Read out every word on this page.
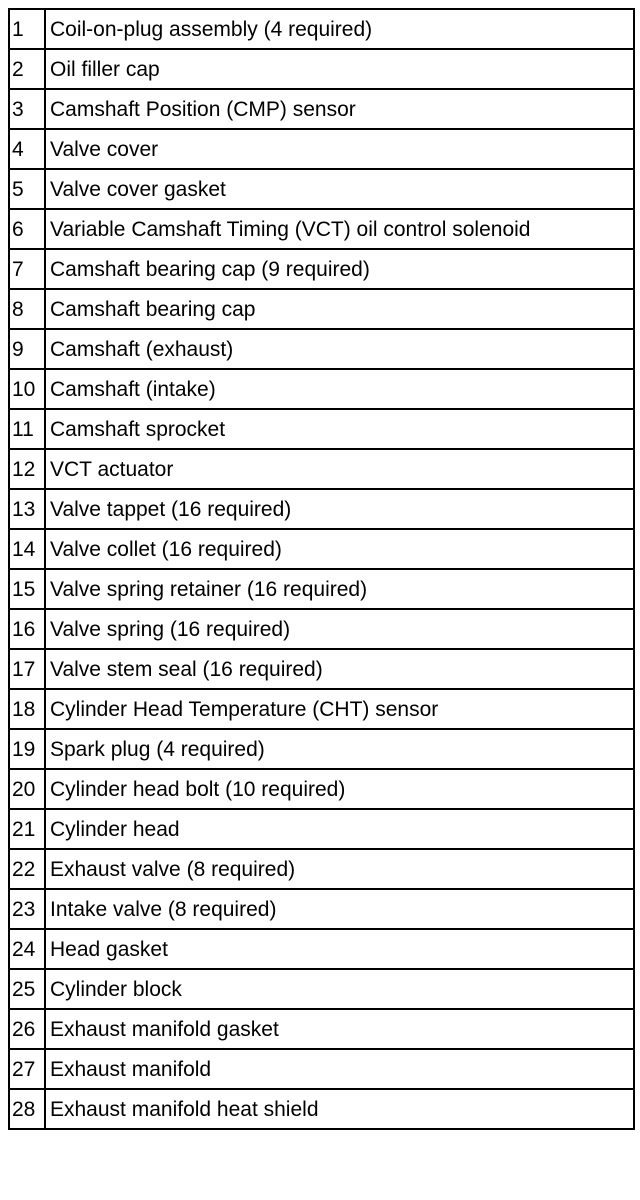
1	Coil-on-plug assembly (4 required)
2	Oil filler cap
3	Camshaft Position (CMP) sensor
4	Valve cover
5	Valve cover gasket
6	Variable Camshaft Timing (VCT) oil control solenoid
7	Camshaft bearing cap (9 required)
8	Camshaft bearing cap
9	Camshaft (exhaust)
10	Camshaft (intake)
11	Camshaft sprocket
12	VCT actuator
13	Valve tappet (16 required)
14	Valve collet (16 required)
15	Valve spring retainer (16 required)
16	Valve spring (16 required)
17	Valve stem seal (16 required)
18	Cylinder Head Temperature (CHT) sensor
19	Spark plug (4 required)
20	Cylinder head bolt (10 required)
21	Cylinder head
22	Exhaust valve (8 required)
23	Intake valve (8 required)
24	Head gasket
25	Cylinder block
26	Exhaust manifold gasket
27	Exhaust manifold
28	Exhaust manifold heat shield
